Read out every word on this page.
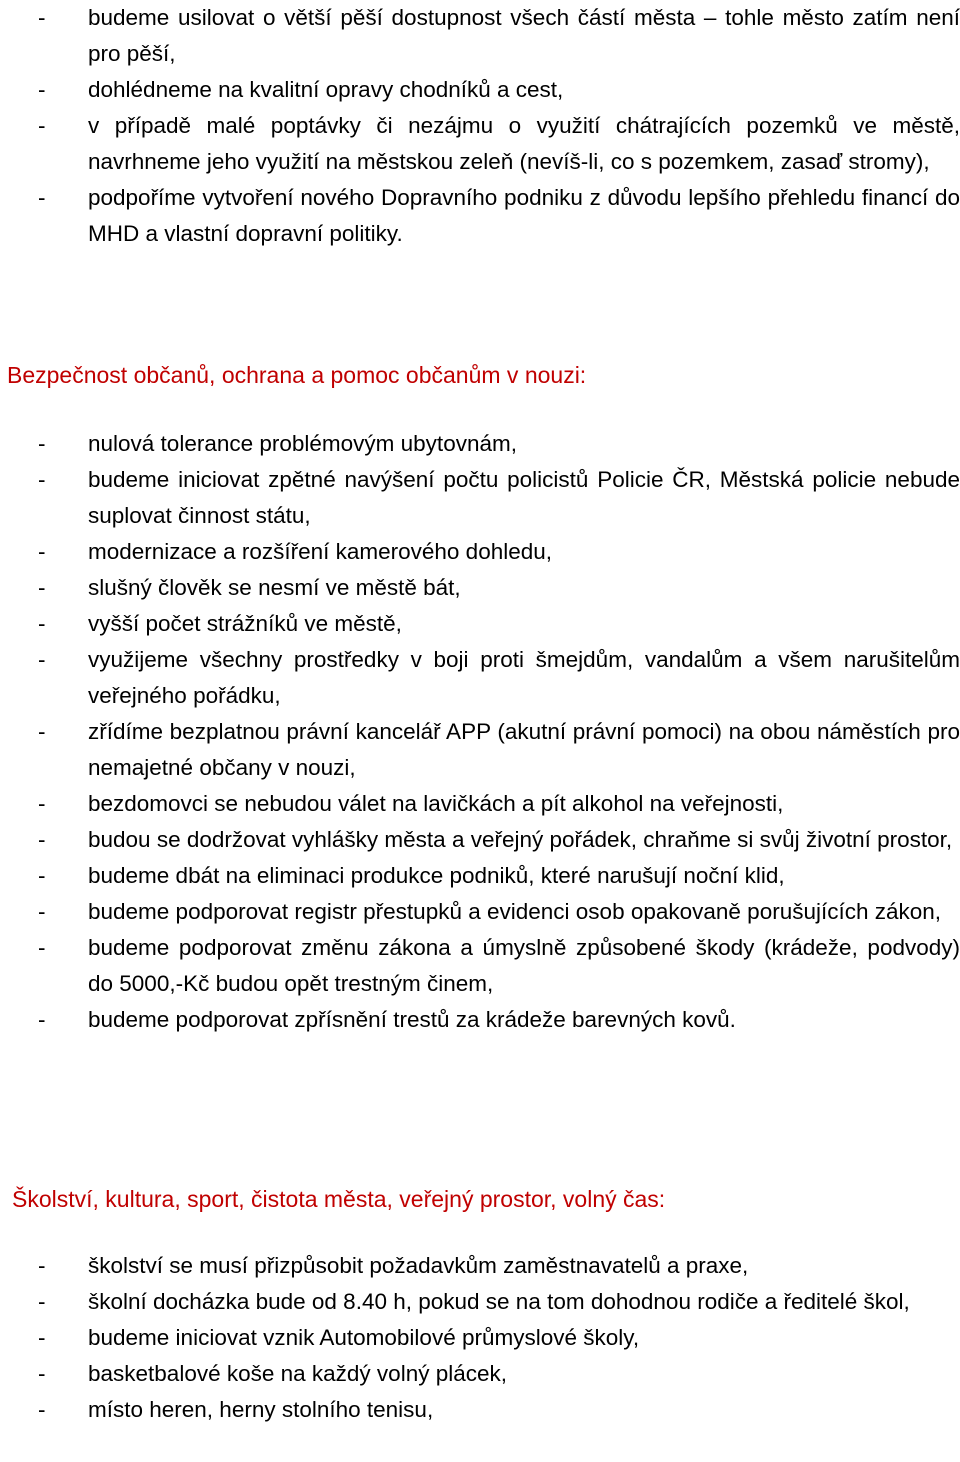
- budeme usilovat o větší pěší dostupnost všech částí města – tohle město zatím není pro pěší,
- dohlédneme na kvalitní opravy chodníků a cest,
- v případě malé poptávky či nezájmu o využití chátrajících pozemků ve městě, navrhneme jeho využití na městskou zeleň (nevíš-li, co s pozemkem, zasaď stromy),
- podpoříme vytvoření nového Dopravního podniku z důvodu lepšího přehledu financí do MHD a vlastní dopravní politiky.
Bezpečnost občanů, ochrana a pomoc občanům v nouzi:
- nulová tolerance problémovým ubytovnám,
- budeme iniciovat zpětné navýšení počtu policistů Policie ČR, Městská policie nebude suplovat činnost státu,
- modernizace a rozšíření kamerového dohledu,
- slušný člověk se nesmí ve městě bát,
- vyšší počet strážníků ve městě,
- využijeme všechny prostředky v boji proti šmejdům, vandalům a všem narušitelům veřejného pořádku,
- zřídíme bezplatnou právní kancelář APP (akutní právní pomoci) na obou náměstích pro nemajetné občany v nouzi,
- bezdomovci se nebudou válet na lavičkách a pít alkohol na veřejnosti,
- budou se dodržovat vyhlášky města a veřejný pořádek, chraňme si svůj životní prostor,
- budeme dbát na eliminaci produkce podniků, které narušují noční klid,
- budeme podporovat registr přestupků a evidenci osob opakovaně porušujících zákon,
- budeme podporovat změnu zákona a úmyslně způsobené škody (krádeže, podvody) do 5000,-Kč budou opět trestným činem,
- budeme podporovat zpřísnění trestů za krádeže barevných kovů.
Školství, kultura, sport, čistota města, veřejný prostor, volný čas:
- školství se musí přizpůsobit požadavkům zaměstnavatelů a praxe,
- školní docházka bude od 8.40 h, pokud se na tom dohodnou rodiče a ředitelé škol,
- budeme iniciovat vznik Automobilové průmyslové školy,
- basketbalové koše na každý volný plácek,
- místo heren, herny stolního tenisu,
